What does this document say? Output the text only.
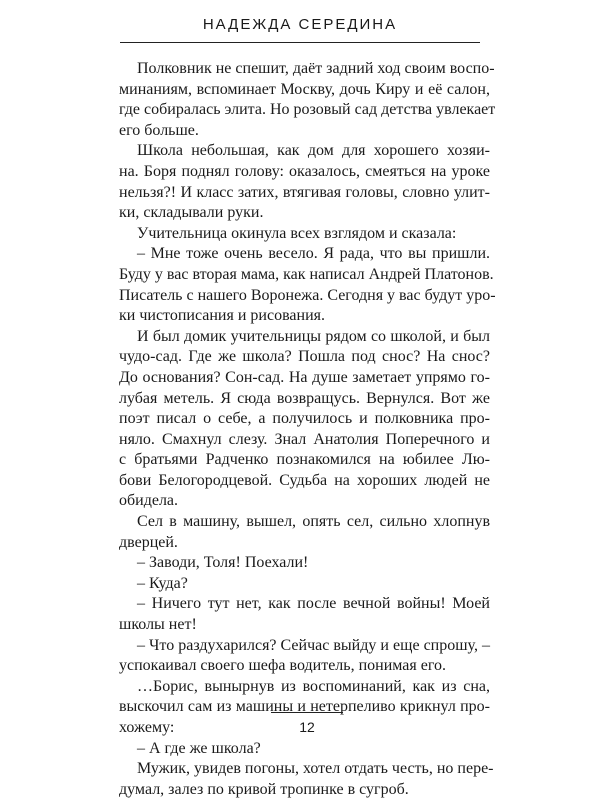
НАДЕЖДА СЕРЕДИНА
Полковник не спешит, даёт задний ход своим воспо-
минаниям, вспоминает Москву, дочь Киру и её салон,
где собиралась элита. Но розовый сад детства увлекает
его больше.
Школа небольшая, как дом для хорошего хозяи-
на. Боря поднял голову: оказалось, смеяться на уроке
нельзя?! И класс затих, втягивая головы, словно улит-
ки, складывали руки.
Учительница окинула всех взглядом и сказала:
– Мне тоже очень весело. Я рада, что вы пришли.
Буду у вас вторая мама, как написал Андрей Платонов.
Писатель с нашего Воронежа. Сегодня у вас будут уро-
ки чистописания и рисования.
И был домик учительницы рядом со школой, и был
чудо-сад. Где же школа? Пошла под снос? На снос?
До основания? Сон-сад. На душе заметает упрямо го-
лубая метель. Я сюда возвращусь. Вернулся. Вот же
поэт писал о себе, а получилось и полковника про-
няло. Смахнул слезу. Знал Анатолия Поперечного и
с братьями Радченко познакомился на юбилее Лю-
бови Белогородцевой. Судьба на хороших людей не
обидела.
Сел в машину, вышел, опять сел, сильно хлопнув
дверцей.
– Заводи, Толя! Поехали!
– Куда?
– Ничего тут нет, как после вечной войны! Моей
школы нет!
– Что раздухарился? Сейчас выйду и еще спрошу, –
успокаивал своего шефа водитель, понимая его.
…Борис, вынырнув из воспоминаний, как из сна,
выскочил сам из машины и нетерпеливо крикнул про-
хожему:
– А где же школа?
Мужик, увидев погоны, хотел отдать честь, но пере-
думал, залез по кривой тропинке в сугроб.
12
